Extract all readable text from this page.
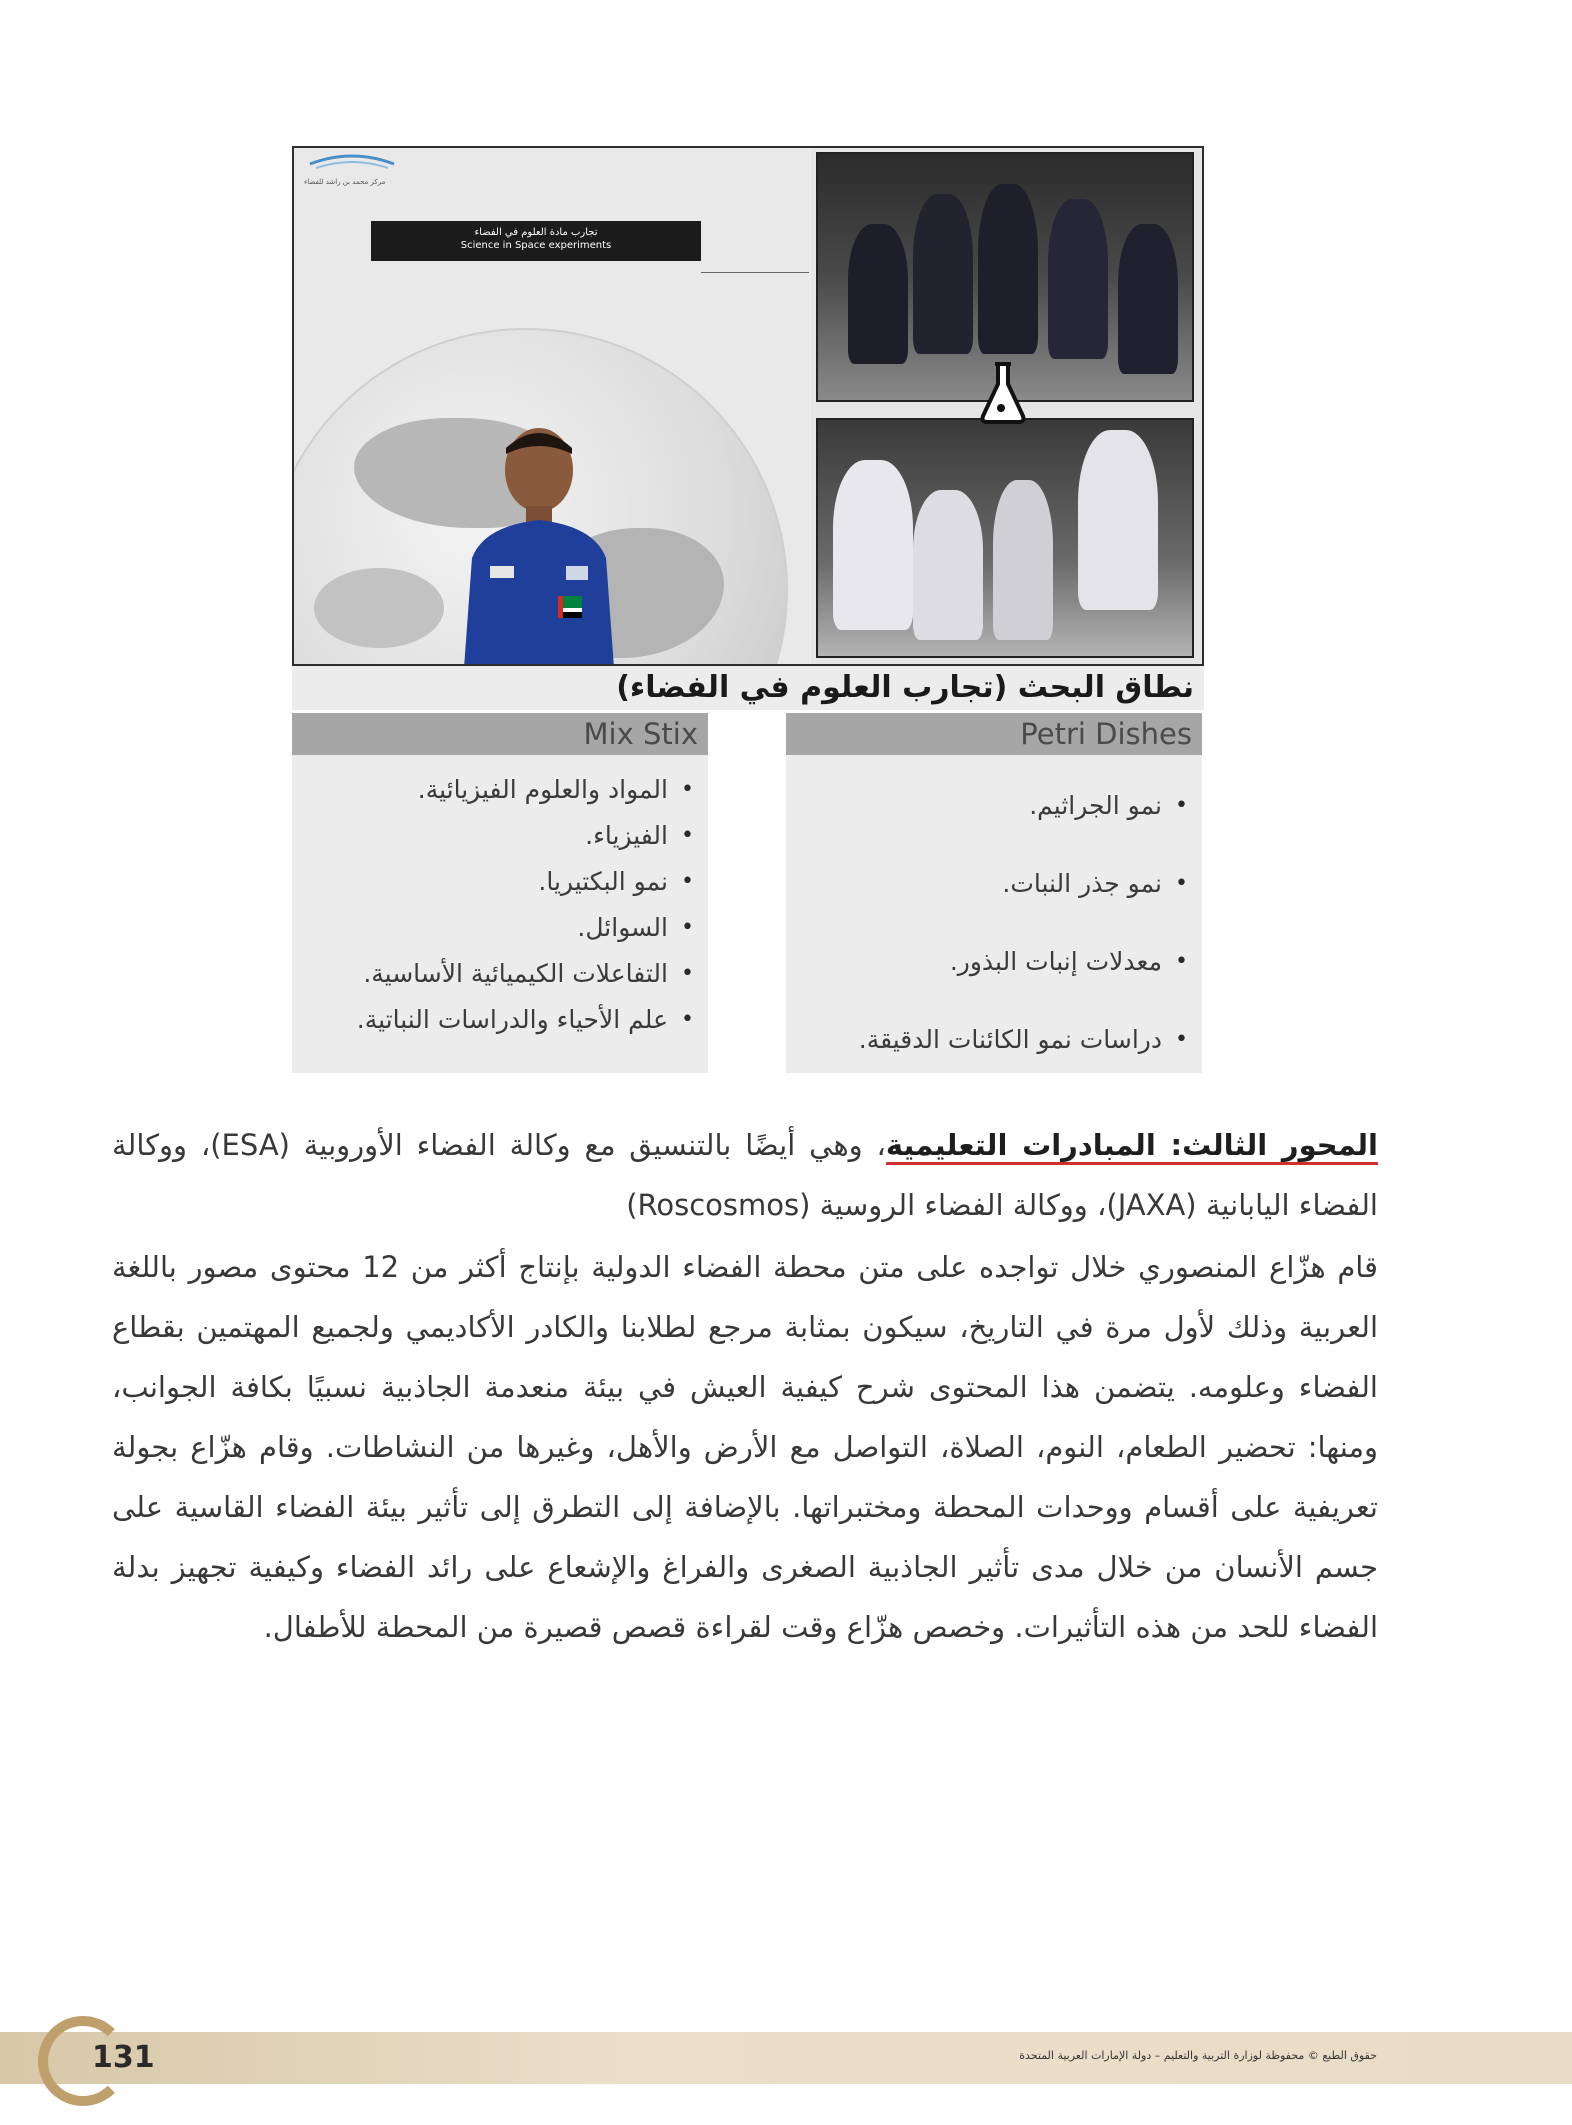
مركز محمد بن راشد للفضاء
تجارب مادة العلوم في الفضاء
Science in Space experiments
نطاق البحث (تجارب العلوم في الفضاء)
Petri Dishes
Mix Stix
•
نمو الجراثيم.
•
نمو جذر النبات.
•
معدلات إنبات البذور.
•
دراسات نمو الكائنات الدقيقة.
•
المواد والعلوم الفيزيائية.
•
الفيزياء.
•
نمو البكتيريا.
•
السوائل.
•
التفاعلات الكيميائية الأساسية.
•
علم الأحياء والدراسات النباتية.
المحور الثالث: المبادرات التعليمية، وهي أيضًا بالتنسيق مع وكالة الفضاء الأوروبية (ESA)، ووكالة الفضاء اليابانية (JAXA)، ووكالة الفضاء الروسية (Roscosmos)
قام هزّاع المنصوري خلال تواجده على متن محطة الفضاء الدولية بإنتاج أكثر من 12 محتوى مصور باللغة العربية وذلك لأول مرة في التاريخ، سيكون بمثابة مرجع لطلابنا والكادر الأكاديمي ولجميع المهتمين بقطاع الفضاء وعلومه. يتضمن هذا المحتوى شرح كيفية العيش في بيئة منعدمة الجاذبية نسبيًا بكافة الجوانب، ومنها: تحضير الطعام، النوم، الصلاة، التواصل مع الأرض والأهل، وغيرها من النشاطات. وقام هزّاع بجولة تعريفية على أقسام ووحدات المحطة ومختبراتها. بالإضافة إلى التطرق إلى تأثير بيئة الفضاء القاسية على جسم الأنسان من خلال مدى تأثير الجاذبية الصغرى والفراغ والإشعاع على رائد الفضاء وكيفية تجهيز بدلة الفضاء للحد من هذه التأثيرات. وخصص هزّاع وقت لقراءة قصص قصيرة من المحطة للأطفال.
131	حقوق الطبع © محفوظة لوزارة التربية والتعليم – دولة الإمارات العربية المتحدة
